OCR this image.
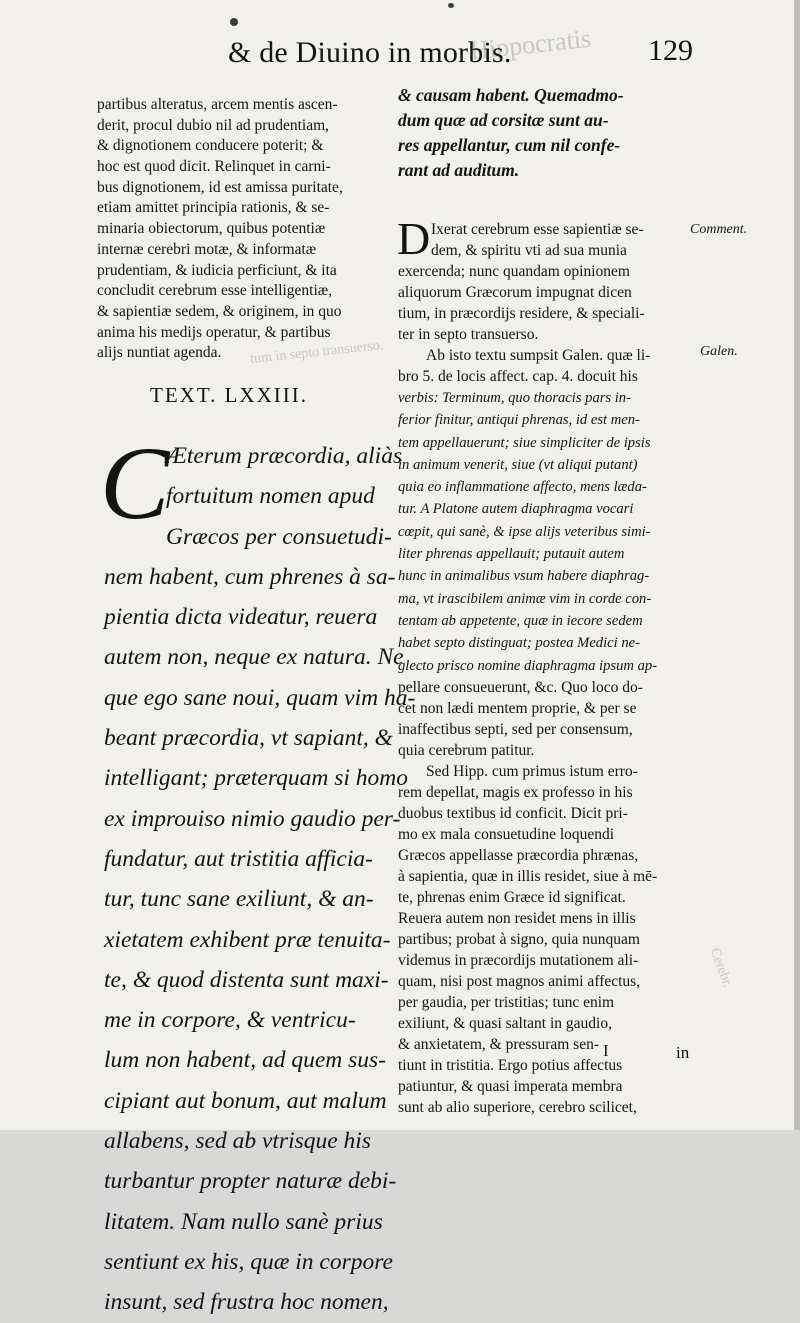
Hippocratis
tum in septo transuerso.
Cerebr.
& de Diuino in morbis.	129
partibus alteratus, arcem mentis ascen-
derit, procul dubio nil ad prudentiam,
& dignotionem conducere poterit; &
hoc est quod dicit. Relinquet in carni-
bus dignotionem, id est amissa puritate,
etiam amittet principia rationis, & se-
minaria obiectorum, quibus potentiæ
internæ cerebri motæ, & informatæ
prudentiam, & iudicia perficiunt, & ita
concludit cerebrum esse intelligentiæ,
& sapientiæ sedem, & originem, in quo
anima his medijs operatur, & partibus
alijs nuntiat agenda.
TEXT. LXXIII.
C
Æterum præcordia, aliàs
fortuitum nomen apud
Græcos per consuetudi-
nem habent, cum phrenes à sa-
pientia dicta videatur, reuera
autem non, neque ex natura. Ne
que ego sane noui, quam vim ha-
beant præcordia, vt sapiant, &
intelligant; præterquam si homo
ex improuiso nimio gaudio per-
fundatur, aut tristitia afficia-
tur, tunc sane exiliunt, & an-
xietatem exhibent præ tenuita-
te, & quod distenta sunt maxi-
me in corpore, & ventricu-
lum non habent, ad quem sus-
cipiant aut bonum, aut malum
allabens, sed ab vtrisque his
turbantur propter naturæ debi-
litatem. Nam nullo sanè prius
sentiunt ex his, quæ in corpore
insunt, sed frustra hoc nomen,
& causam habent. Quemadmo-
dum quæ ad corsitæ sunt au-
res appellantur, cum nil confe-
rant ad auditum.
D Ixerat cerebrum esse sapientiæ se-
dem, & spiritu vti ad sua munia
exercenda; nunc quandam opinionem
aliquorum Græcorum impugnat dicen
tium, in præcordijs residere, & speciali-
ter in septo transuerso.
Ab isto textu sumpsit Galen. quæ li-
bro 5. de locis affect. cap. 4. docuit his
verbis: Terminum, quo thoracis pars in-
ferior finitur, antiqui phrenas, id est men-
tem appellauerunt; siue simpliciter de ipsis
in animum venerit, siue (vt aliqui putant)
quia eo inflammatione affecto, mens læda-
tur. A Platone autem diaphragma vocari
cœpit, qui sanè, & ipse alijs veteribus simi-
liter phrenas appellauit; putauit autem
hunc in animalibus vsum habere diaphrag-
ma, vt irascibilem animæ vim in corde con-
tentam ab appetente, quæ in iecore sedem
habet septo distinguat; postea Medici ne-
glecto prisco nomine diaphragma ipsum ap-
pellare consueuerunt, &c. Quo loco do-
cet non lædi mentem proprie, & per se
inaffectibus septi, sed per consensum,
quia cerebrum patitur.
Sed Hipp. cum primus istum erro-
rem depellat, magis ex professo in his
duobus textibus id conficit. Dicit pri-
mo ex mala consuetudine loquendi
Græcos appellasse præcordia phrænas,
à sapientia, quæ in illis residet, siue à mē-
te, phrenas enim Græce id significat.
Reuera autem non residet mens in illis
partibus; probat à signo, quia nunquam
videmus in præcordijs mutationem ali-
quam, nisi post magnos animi affectus,
per gaudia, per tristitias; tunc enim
exiliunt, & quasi saltant in gaudio,
& anxietatem, & pressuram sen-
tiunt in tristitia. Ergo potius affectus
patiuntur, & quasi imperata membra
sunt ab alio superiore, cerebro scilicet,
Comment.
Galen.
I	in
